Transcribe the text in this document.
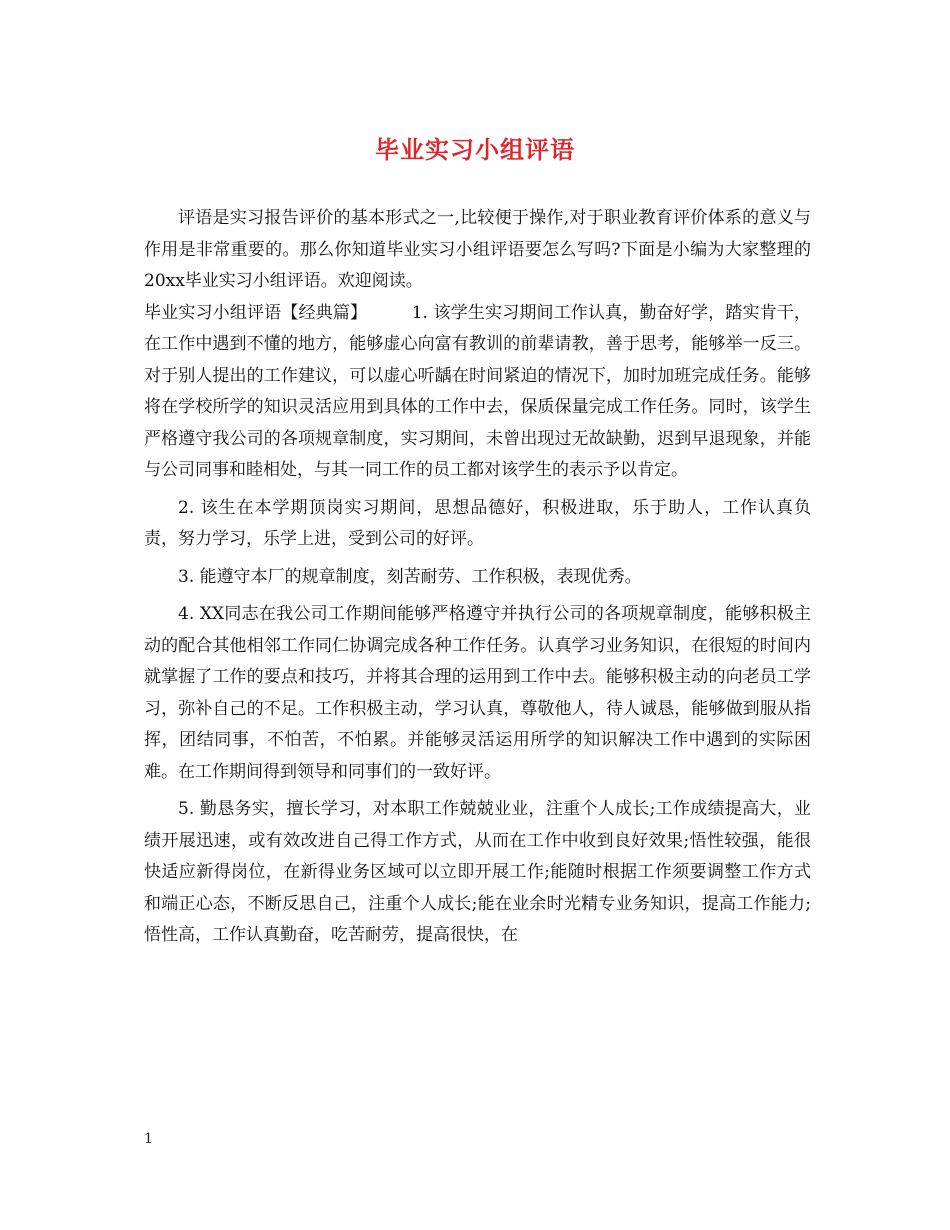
毕业实习小组评语

评语是实习报告评价的基本形式之一,比较便于操作,对于职业教育评价体系的意义与作用是非常重要的。那么你知道毕业实习小组评语要怎么写吗?下面是小编为大家整理的20xx毕业实习小组评语。欢迎阅读。

毕业实习小组评语【经典篇】	1. 该学生实习期间工作认真，勤奋好学，踏实肯干，在工作中遇到不懂的地方，能够虚心向富有教训的前辈请教，善于思考，能够举一反三。对于别人提出的工作建议，可以虚心听龋在时间紧迫的情况下，加时加班完成任务。能够将在学校所学的知识灵活应用到具体的工作中去，保质保量完成工作任务。同时，该学生严格遵守我公司的各项规章制度，实习期间，未曾出现过无故缺勤，迟到早退现象，并能与公司同事和睦相处，与其一同工作的员工都对该学生的表示予以肯定。

2. 该生在本学期顶岗实习期间，思想品德好，积极进取，乐于助人，工作认真负责，努力学习，乐学上进，受到公司的好评。

3. 能遵守本厂的规章制度，刻苦耐劳、工作积极，表现优秀。

4. XX同志在我公司工作期间能够严格遵守并执行公司的各项规章制度，能够积极主动的配合其他相邻工作同仁协调完成各种工作任务。认真学习业务知识，在很短的时间内就掌握了工作的要点和技巧，并将其合理的运用到工作中去。能够积极主动的向老员工学习，弥补自己的不足。工作积极主动，学习认真，尊敬他人，待人诚恳，能够做到服从指挥，团结同事，不怕苦，不怕累。并能够灵活运用所学的知识解决工作中遇到的实际困难。在工作期间得到领导和同事们的一致好评。

5. 勤恳务实，擅长学习，对本职工作兢兢业业，注重个人成长;工作成绩提高大，业绩开展迅速，或有效改进自己得工作方式，从而在工作中收到良好效果;悟性较强，能很快适应新得岗位，在新得业务区域可以立即开展工作;能随时根据工作须要调整工作方式和端正心态，不断反思自己，注重个人成长;能在业余时光精专业务知识，提高工作能力;悟性高，工作认真勤奋，吃苦耐劳，提高很快，在

1
